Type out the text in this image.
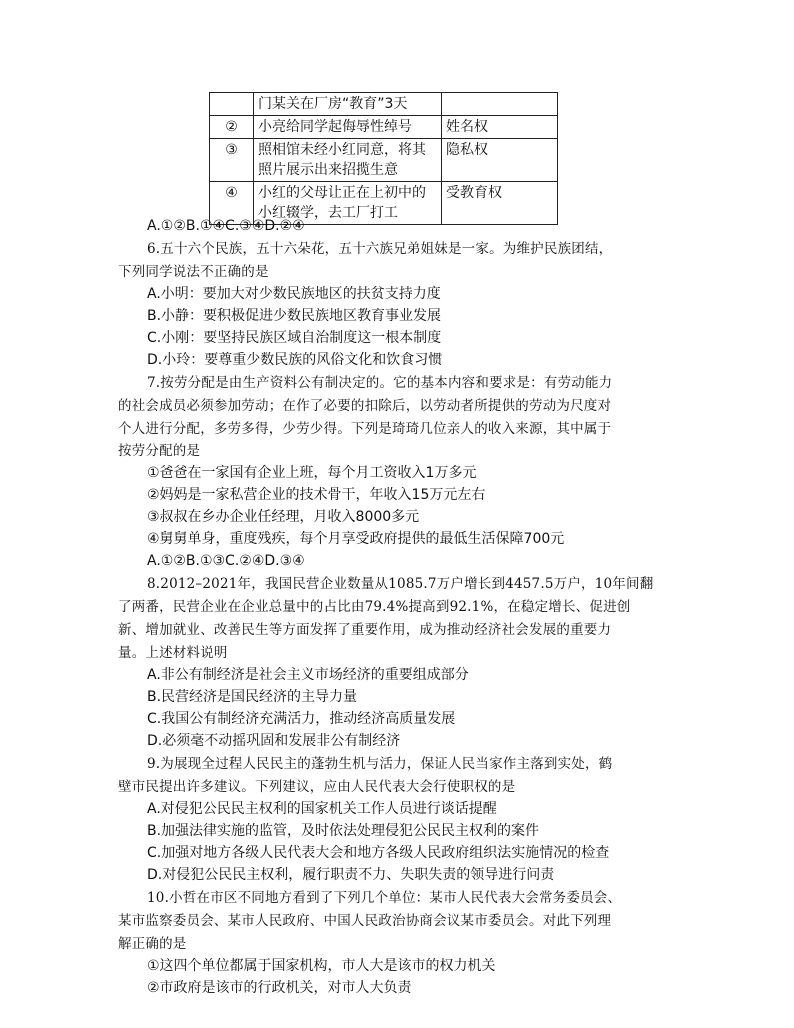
	门某关在厂房“教育”3天	
②	小亮给同学起侮辱性绰号	姓名权
③	照相馆未经小红同意，将其照片展示出来招揽生意	隐私权
④	小红的父母让正在上初中的小红辍学，去工厂打工	受教育权
A.①②B.①④C.③④D.②④
6.五十六个民族，五十六朵花，五十六族兄弟姐妹是一家。为维护民族团结，
下列同学说法不正确的是
A.小明：要加大对少数民族地区的扶贫支持力度
B.小静：要积极促进少数民族地区教育事业发展
C.小刚：要坚持民族区域自治制度这一根本制度
D.小玲：要尊重少数民族的风俗文化和饮食习惯
7.按劳分配是由生产资料公有制决定的。它的基本内容和要求是：有劳动能力
的社会成员必须参加劳动；在作了必要的扣除后，以劳动者所提供的劳动为尺度对
个人进行分配，多劳多得，少劳少得。下列是琦琦几位亲人的收入来源，其中属于
按劳分配的是
①爸爸在一家国有企业上班，每个月工资收入1万多元
②妈妈是一家私营企业的技术骨干，年收入15万元左右
③叔叔在乡办企业任经理，月收入8000多元
④舅舅单身，重度残疾，每个月享受政府提供的最低生活保障700元
A.①②B.①③C.②④D.③④
8.2012–2021年，我国民营企业数量从1085.7万户增长到4457.5万户，10年间翻
了两番，民营企业在企业总量中的占比由79.4%提高到92.1%，在稳定增长、促进创
新、增加就业、改善民生等方面发挥了重要作用，成为推动经济社会发展的重要力
量。上述材料说明
A.非公有制经济是社会主义市场经济的重要组成部分
B.民营经济是国民经济的主导力量
C.我国公有制经济充满活力，推动经济高质量发展
D.必须毫不动摇巩固和发展非公有制经济
9.为展现全过程人民民主的蓬勃生机与活力，保证人民当家作主落到实处，鹤
壁市民提出许多建议。下列建议，应由人民代表大会行使职权的是
A.对侵犯公民民主权利的国家机关工作人员进行谈话提醒
B.加强法律实施的监管，及时依法处理侵犯公民民主权利的案件
C.加强对地方各级人民代表大会和地方各级人民政府组织法实施情况的检查
D.对侵犯公民民主权利，履行职责不力、失职失责的领导进行问责
10.小哲在市区不同地方看到了下列几个单位：某市人民代表大会常务委员会、
某市监察委员会、某市人民政府、中国人民政治协商会议某市委员会。对此下列理
解正确的是
①这四个单位都属于国家机构，市人大是该市的权力机关
②市政府是该市的行政机关，对市人大负责
